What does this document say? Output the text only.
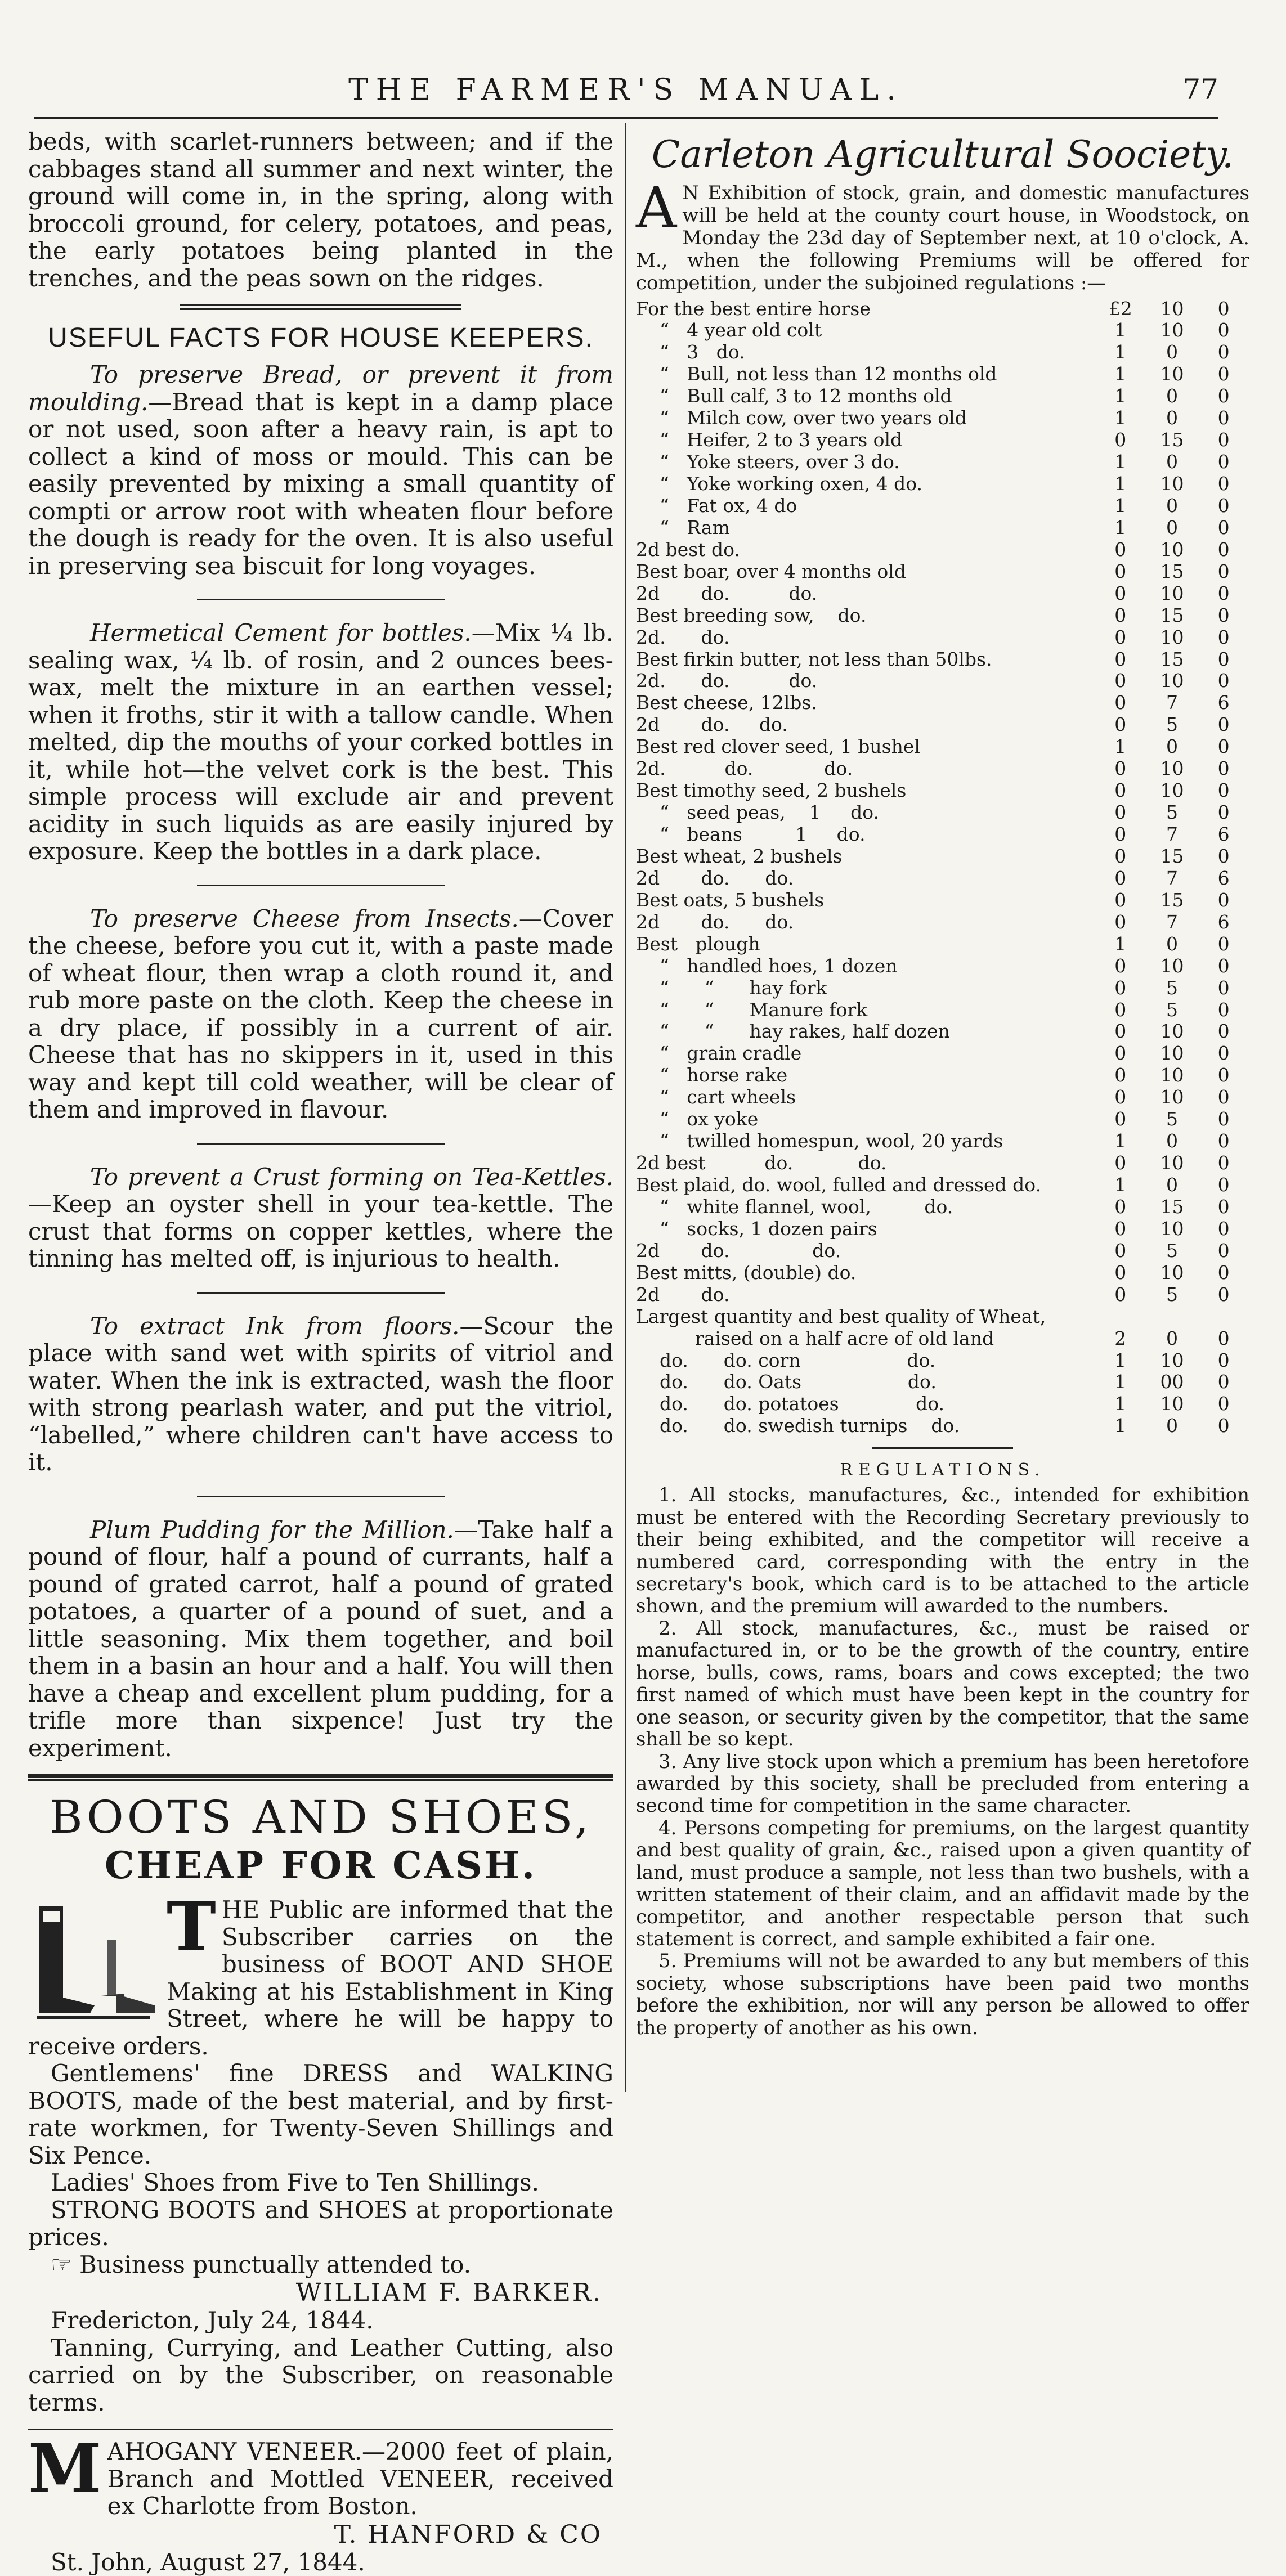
THE FARMER'S MANUAL.	77

beds, with scarlet-runners between; and if the cabbages stand all summer and next winter, the ground will come in, in the spring, along with broccoli ground, for celery, potatoes, and peas, the early potatoes being planted in the trenches, and the peas sown on the ridges.

USEFUL FACTS FOR HOUSE KEEPERS.

To preserve Bread, or prevent it from moulding.—Bread that is kept in a damp place or not used, soon after a heavy rain, is apt to collect a kind of moss or mould. This can be easily prevented by mixing a small quantity of compti or arrow root with wheaten flour before the dough is ready for the oven. It is also useful in preserving sea biscuit for long voyages.

Hermetical Cement for bottles.—Mix ¼ lb. sealing wax, ¼ lb. of rosin, and 2 ounces bees-wax, melt the mixture in an earthen vessel; when it froths, stir it with a tallow candle. When melted, dip the mouths of your corked bottles in it, while hot—the velvet cork is the best. This simple process will exclude air and prevent acidity in such liquids as are easily injured by exposure. Keep the bottles in a dark place.

To preserve Cheese from Insects.—Cover the cheese, before you cut it, with a paste made of wheat flour, then wrap a cloth round it, and rub more paste on the cloth. Keep the cheese in a dry place, if possibly in a current of air. Cheese that has no skippers in it, used in this way and kept till cold weather, will be clear of them and improved in flavour.

To prevent a Crust forming on Tea-Kettles.—Keep an oyster shell in your tea-kettle. The crust that forms on copper kettles, where the tinning has melted off, is injurious to health.

To extract Ink from floors.—Scour the place with sand wet with spirits of vitriol and water. When the ink is extracted, wash the floor with strong pearlash water, and put the vitriol, “labelled,” where children can't have access to it.

Plum Pudding for the Million.—Take half a pound of flour, half a pound of currants, half a pound of grated carrot, half a pound of grated potatoes, a quarter of a pound of suet, and a little seasoning. Mix them together, and boil them in a basin an hour and a half. You will then have a cheap and excellent plum pudding, for a trifle more than sixpence! Just try the experiment.

BOOTS AND SHOES,
CHEAP FOR CASH.

THE Public are informed that the Subscriber carries on the business of BOOT AND SHOE Making at his Establishment in King Street, where he will be happy to receive orders.

Gentlemens' fine DRESS and WALKING BOOTS, made of the best material, and by first-rate workmen, for Twenty-Seven Shillings and Six Pence.

Ladies' Shoes from Five to Ten Shillings.

STRONG BOOTS and SHOES at proportionate prices.

☞ Business punctually attended to.

WILLIAM F. BARKER.

Fredericton, July 24, 1844.

Tanning, Currying, and Leather Cutting, also carried on by the Subscriber, on reasonable terms.

MAHOGANY VENEER.—2000 feet of plain, Branch and Mottled VENEER, received ex Charlotte from Boston.

T. HANFORD & CO

St. John, August 27, 1844.

Carleton Agricultural Soociety.

A N Exhibition of stock, grain, and domestic manufactures will be held at the county court house, in Woodstock, on Monday the 23d day of September next, at 10 o'clock, A. M., when the following Premiums will be offered for competition, under the subjoined regulations :—

For the best entire horse	£2	10	0
“   4 year old colt	1	10	0
“   3   do.	1	0	0
“   Bull, not less than 12 months old	1	10	0
“   Bull calf, 3 to 12 months old	1	0	0
“   Milch cow, over two years old	1	0	0
“   Heifer, 2 to 3 years old	0	15	0
“   Yoke steers, over 3 do.	1	0	0
“   Yoke working oxen, 4 do.	1	10	0
“   Fat ox, 4 do	1	0	0
“   Ram	1	0	0
2d best do.	0	10	0
Best boar, over 4 months old	0	15	0
2d       do.          do.	0	10	0
Best breeding sow,    do.	0	15	0
2d.      do.	0	10	0
Best firkin butter, not less than 50lbs.	0	15	0
2d.      do.          do.	0	10	0
Best cheese, 12lbs.	0	7	6
2d       do.     do.	0	5	0
Best red clover seed, 1 bushel	1	0	0
2d.          do.            do.	0	10	0
Best timothy seed, 2 bushels	0	10	0
“   seed peas,    1     do.	0	5	0
“   beans         1     do.	0	7	6
Best wheat, 2 bushels	0	15	0
2d       do.      do.	0	7	6
Best oats, 5 bushels	0	15	0
2d       do.      do.	0	7	6
Best   plough	1	0	0
“   handled hoes, 1 dozen	0	10	0
“      “      hay fork	0	5	0
“      “      Manure fork	0	5	0
“      “      hay rakes, half dozen	0	10	0
“   grain cradle	0	10	0
“   horse rake	0	10	0
“   cart wheels	0	10	0
“   ox yoke	0	5	0
“   twilled homespun, wool, 20 yards	1	0	0
2d best          do.           do.	0	10	0
Best plaid, do. wool, fulled and dressed do.	1	0	0
“   white flannel, wool,         do.	0	15	0
“   socks, 1 dozen pairs	0	10	0
2d       do.              do.	0	5	0
Best mitts, (double) do.	0	10	0
2d       do.	0	5	0
Largest quantity and best quality of Wheat,			
raised on a half acre of old land	2	0	0
do.      do. corn                  do.	1	10	0
do.      do. Oats                  do.	1	00	0
do.      do. potatoes             do.	1	10	0
do.      do. swedish turnips    do.	1	0	0
REGULATIONS.

1. All stocks, manufactures, &c., intended for exhibition must be entered with the Recording Secretary previously to their being exhibited, and the competitor will receive a numbered card, corresponding with the entry in the secretary's book, which card is to be attached to the article shown, and the premium will awarded to the numbers.

2. All stock, manufactures, &c., must be raised or manufactured in, or to be the growth of the country, entire horse, bulls, cows, rams, boars and cows excepted; the two first named of which must have been kept in the country for one season, or security given by the competitor, that the same shall be so kept.

3. Any live stock upon which a premium has been heretofore awarded by this society, shall be precluded from entering a second time for competition in the same character.

4. Persons competing for premiums, on the largest quantity and best quality of grain, &c., raised upon a given quantity of land, must produce a sample, not less than two bushels, with a written statement of their claim, and an affidavit made by the competitor, and another respectable person that such statement is correct, and sample exhibited a fair one.

5. Premiums will not be awarded to any but members of this society, whose subscriptions have been paid two months before the exhibition, nor will any person be allowed to offer the property of another as his own.
